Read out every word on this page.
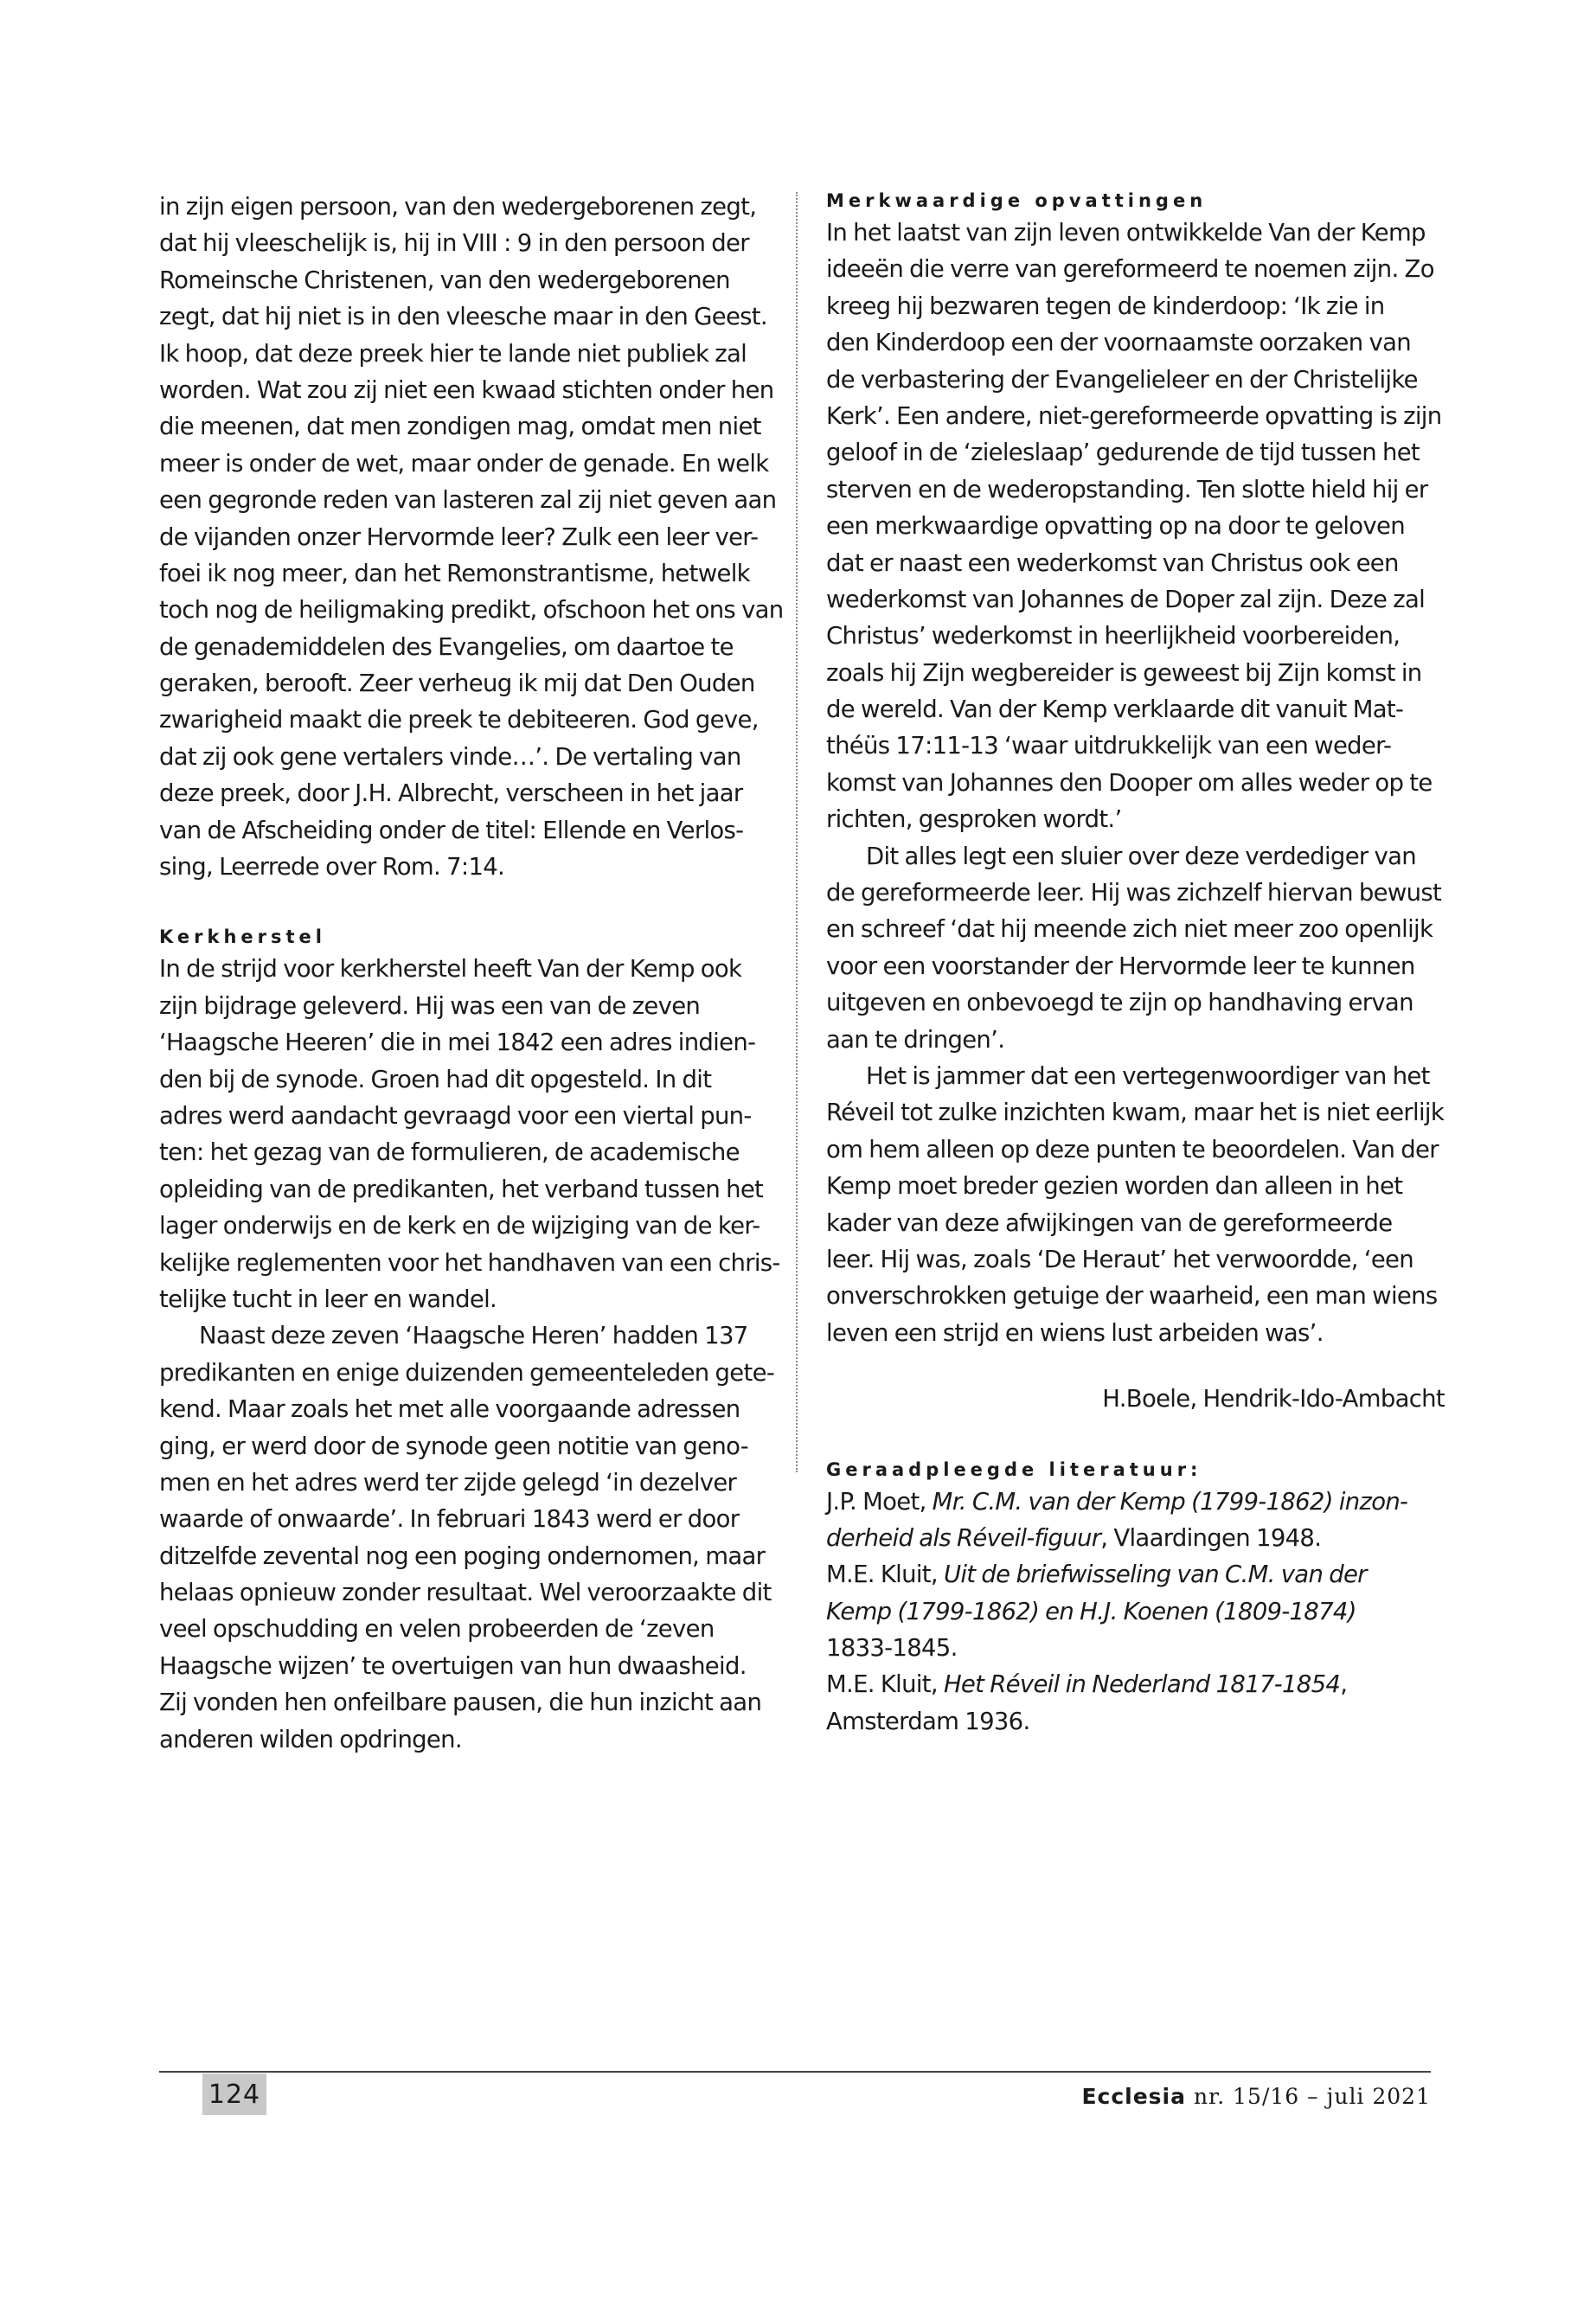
in zijn eigen persoon, van den wedergeborenen zegt,
dat hij vleeschelijk is, hij in VIII : 9 in den persoon der
Romeinsche Christenen, van den wedergeborenen
zegt, dat hij niet is in den vleesche maar in den Geest.
Ik hoop, dat deze preek hier te lande niet publiek zal
worden. Wat zou zij niet een kwaad stichten onder hen
die meenen, dat men zondigen mag, omdat men niet
meer is onder de wet, maar onder de genade. En welk
een gegronde reden van lasteren zal zij niet geven aan
de vijanden onzer Hervormde leer? Zulk een leer ver-
foei ik nog meer, dan het Remonstrantisme, hetwelk
toch nog de heiligmaking predikt, ofschoon het ons van
de genademiddelen des Evangelies, om daartoe te
geraken, berooft. Zeer verheug ik mij dat Den Ouden
zwarigheid maakt die preek te debiteeren. God geve,
dat zij ook gene vertalers vinde…’. De vertaling van
deze preek, door J.H. Albrecht, verscheen in het jaar
van de Afscheiding onder de titel: Ellende en Verlos-
sing, Leerrede over Rom. 7:14.
Kerkherstel
In de strijd voor kerkherstel heeft Van der Kemp ook
zijn bijdrage geleverd. Hij was een van de zeven
‘Haagsche Heeren’ die in mei 1842 een adres indien-
den bij de synode. Groen had dit opgesteld. In dit
adres werd aandacht gevraagd voor een viertal pun-
ten: het gezag van de formulieren, de academische
opleiding van de predikanten, het verband tussen het
lager onderwijs en de kerk en de wijziging van de ker-
kelijke reglementen voor het handhaven van een chris-
telijke tucht in leer en wandel.
Naast deze zeven ‘Haagsche Heren’ hadden 137
predikanten en enige duizenden gemeenteleden gete-
kend. Maar zoals het met alle voorgaande adressen
ging, er werd door de synode geen notitie van geno-
men en het adres werd ter zijde gelegd ‘in dezelver
waarde of onwaarde’. In februari 1843 werd er door
ditzelfde zevental nog een poging ondernomen, maar
helaas opnieuw zonder resultaat. Wel veroorzaakte dit
veel opschudding en velen probeerden de ‘zeven
Haagsche wijzen’ te overtuigen van hun dwaasheid.
Zij vonden hen onfeilbare pausen, die hun inzicht aan
anderen wilden opdringen.
Merkwaardige opvattingen
In het laatst van zijn leven ontwikkelde Van der Kemp
ideeën die verre van gereformeerd te noemen zijn. Zo
kreeg hij bezwaren tegen de kinderdoop: ‘Ik zie in
den Kinderdoop een der voornaamste oorzaken van
de verbastering der Evangelieleer en der Christelijke
Kerk’. Een andere, niet-gereformeerde opvatting is zijn
geloof in de ‘zieleslaap’ gedurende de tijd tussen het
sterven en de wederopstanding. Ten slotte hield hij er
een merkwaardige opvatting op na door te geloven
dat er naast een wederkomst van Christus ook een
wederkomst van Johannes de Doper zal zijn. Deze zal
Christus’ wederkomst in heerlijkheid voorbereiden,
zoals hij Zijn wegbereider is geweest bij Zijn komst in
de wereld. Van der Kemp verklaarde dit vanuit Mat-
théüs 17:11-13 ‘waar uitdrukkelijk van een weder-
komst van Johannes den Dooper om alles weder op te
richten, gesproken wordt.’
Dit alles legt een sluier over deze verdediger van
de gereformeerde leer. Hij was zichzelf hiervan bewust
en schreef ‘dat hij meende zich niet meer zoo openlijk
voor een voorstander der Hervormde leer te kunnen
uitgeven en onbevoegd te zijn op handhaving ervan
aan te dringen’.
Het is jammer dat een vertegenwoordiger van het
Réveil tot zulke inzichten kwam, maar het is niet eerlijk
om hem alleen op deze punten te beoordelen. Van der
Kemp moet breder gezien worden dan alleen in het
kader van deze afwijkingen van de gereformeerde
leer. Hij was, zoals ‘De Heraut’ het verwoordde, ‘een
onverschrokken getuige der waarheid, een man wiens
leven een strijd en wiens lust arbeiden was’.
H.Boele, Hendrik-Ido-Ambacht
Geraadpleegde literatuur:
J.P. Moet, Mr. C.M. van der Kemp (1799-1862) inzon-
derheid als Réveil-figuur, Vlaardingen 1948.
M.E. Kluit, Uit de briefwisseling van C.M. van der
Kemp (1799-1862) en H.J. Koenen (1809-1874)
1833-1845.
M.E. Kluit, Het Réveil in Nederland 1817-1854,
Amsterdam 1936.
124	Ecclesia nr. 15/16 – juli 2021
